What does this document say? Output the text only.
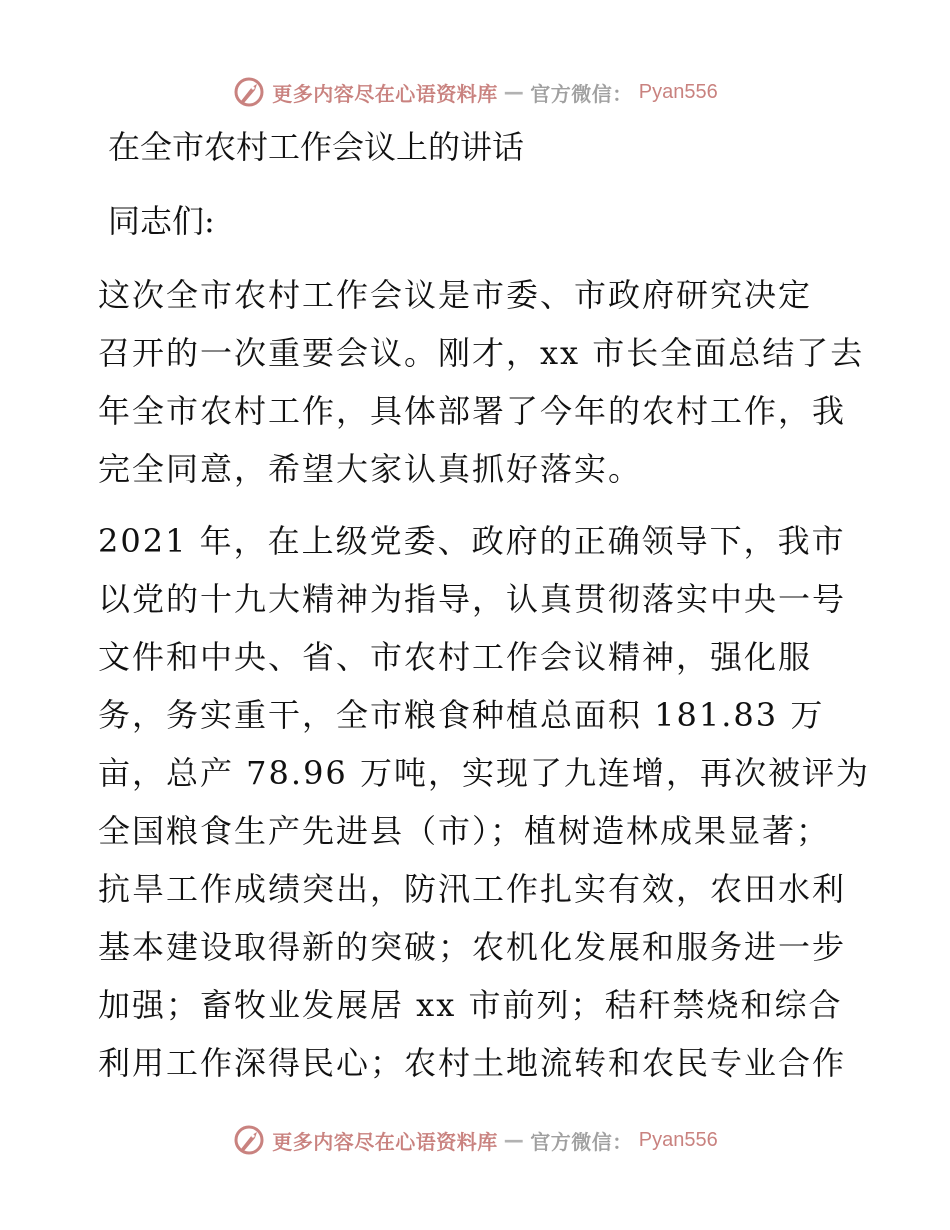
更多内容尽在心语资料库 — 官方微信： Pyan556
在全市农村工作会议上的讲话
同志们:
这次全市农村工作会议是市委、市政府研究决定
召开的一次重要会议。刚才，xx 市长全面总结了去
年全市农村工作，具体部署了今年的农村工作，我
完全同意，希望大家认真抓好落实。
2021 年，在上级党委、政府的正确领导下，我市
以党的十九大精神为指导，认真贯彻落实中央一号
文件和中央、省、市农村工作会议精神，强化服
务，务实重干，全市粮食种植总面积 181.83 万
亩，总产 78.96 万吨，实现了九连增，再次被评为
全国粮食生产先进县（市）；植树造林成果显著；
抗旱工作成绩突出，防汛工作扎实有效，农田水利
基本建设取得新的突破；农机化发展和服务进一步
加强；畜牧业发展居 xx 市前列；秸秆禁烧和综合
利用工作深得民心；农村土地流转和农民专业合作
更多内容尽在心语资料库 — 官方微信： Pyan556
